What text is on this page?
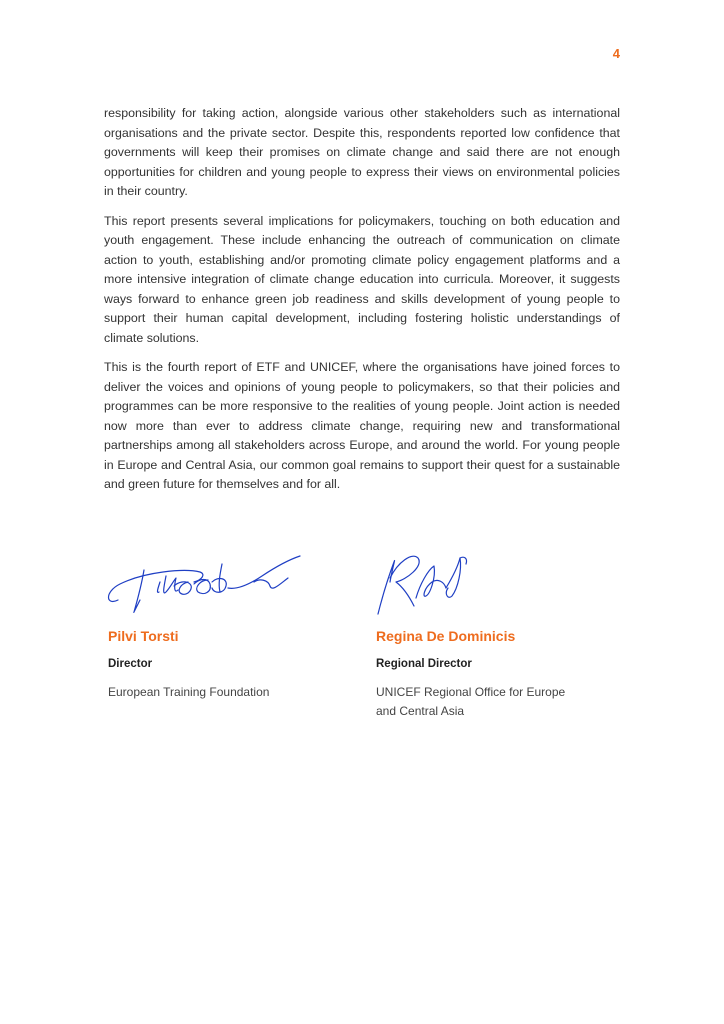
4

responsibility for taking action, alongside various other stakeholders such as international organisations and the private sector. Despite this, respondents reported low confidence that governments will keep their promises on climate change and said there are not enough opportunities for children and young people to express their views on environmental policies in their country.

This report presents several implications for policymakers, touching on both education and youth engagement. These include enhancing the outreach of communication on climate action to youth, establishing and/or promoting climate policy engagement platforms and a more intensive integration of climate change education into curricula. Moreover, it suggests ways forward to enhance green job readiness and skills development of young people to support their human capital development, including fostering holistic understandings of climate solutions.

This is the fourth report of ETF and UNICEF, where the organisations have joined forces to deliver the voices and opinions of young people to policymakers, so that their policies and programmes can be more responsive to the realities of young people. Joint action is needed now more than ever to address climate change, requiring new and transformational partnerships among all stakeholders across Europe, and around the world. For young people in Europe and Central Asia, our common goal remains to support their quest for a sustainable and green future for themselves and for all.

Pilvi Torsti
Director
European Training Foundation
Regina De Dominicis
Regional Director
UNICEF Regional Office for Europe
and Central Asia
